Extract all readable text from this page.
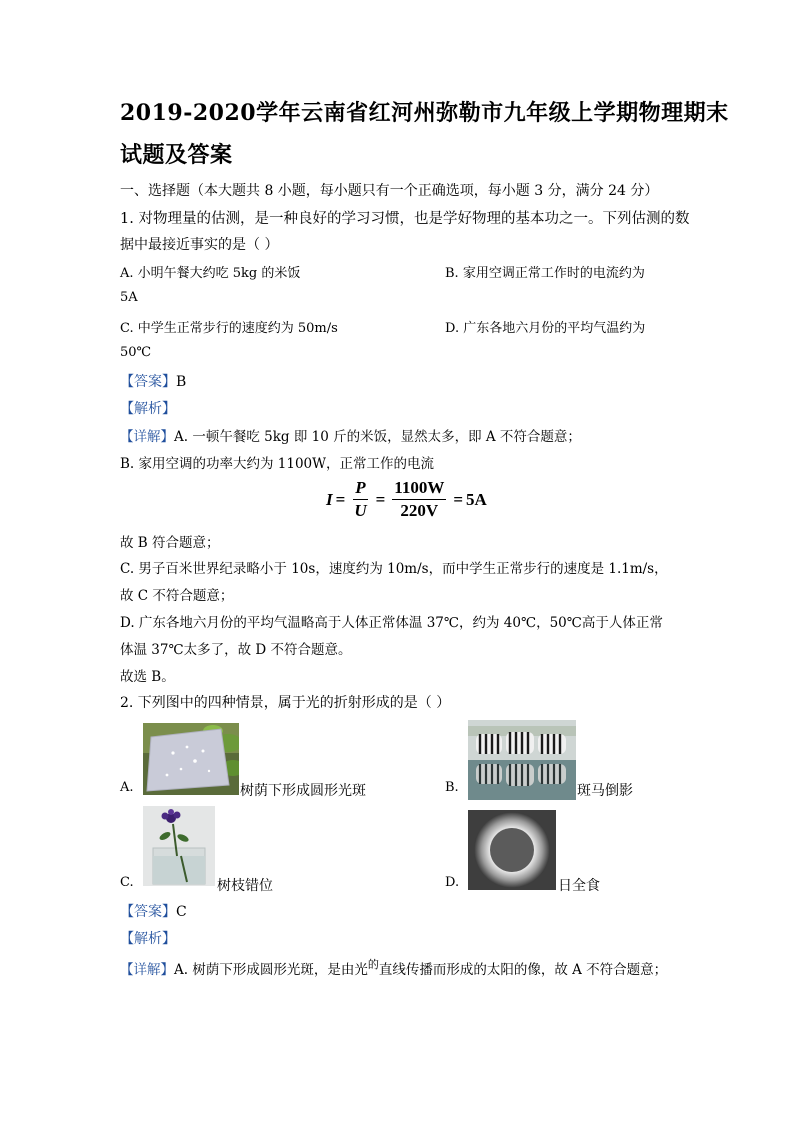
2019-2020学年云南省红河州弥勒市九年级上学期物理期末
试题及答案
一、选择题（本大题共 8 小题，每小题只有一个正确选项，每小题 3 分，满分 24 分）
1. 对物理量的估测，是一种良好的学习习惯，也是学好物理的基本功之一。下列估测的数
据中最接近事实的是（ ）
A. 小明午餐大约吃 5kg 的米饭	B. 家用空调正常工作时的电流约为
5A
C. 中学生正常步行的速度约为 50m/s	D. 广东各地六月份的平均气温约为
50℃
【答案】B
【解析】
【详解】A. 一顿午餐吃 5kg 即 10 斤的米饭，显然太多，即 A 不符合题意；
B. 家用空调的功率大约为 1100W，正常工作的电流
$I = \frac{P}{U} = \frac{1100W}{220V} = 5A$
故 B 符合题意；
C. 男子百米世界纪录略小于 10s，速度约为 10m/s，而中学生正常步行的速度是 1.1m/s，
故 C 不符合题意；
D. 广东各地六月份的平均气温略高于人体正常体温 37℃，约为 40℃，50℃高于人体正常
体温 37℃太多了，故 D 不符合题意。
故选 B。
2. 下列图中的四种情景，属于光的折射形成的是（ ）
A.	树荫下形成圆形光斑	B.	斑马倒影
C.	树枝错位	D.	日全食
【答案】C
【解析】
【详解】A. 树荫下形成圆形光斑，是由光$^的$直线传播而形成的太阳的像，故 A 不符合题意；
